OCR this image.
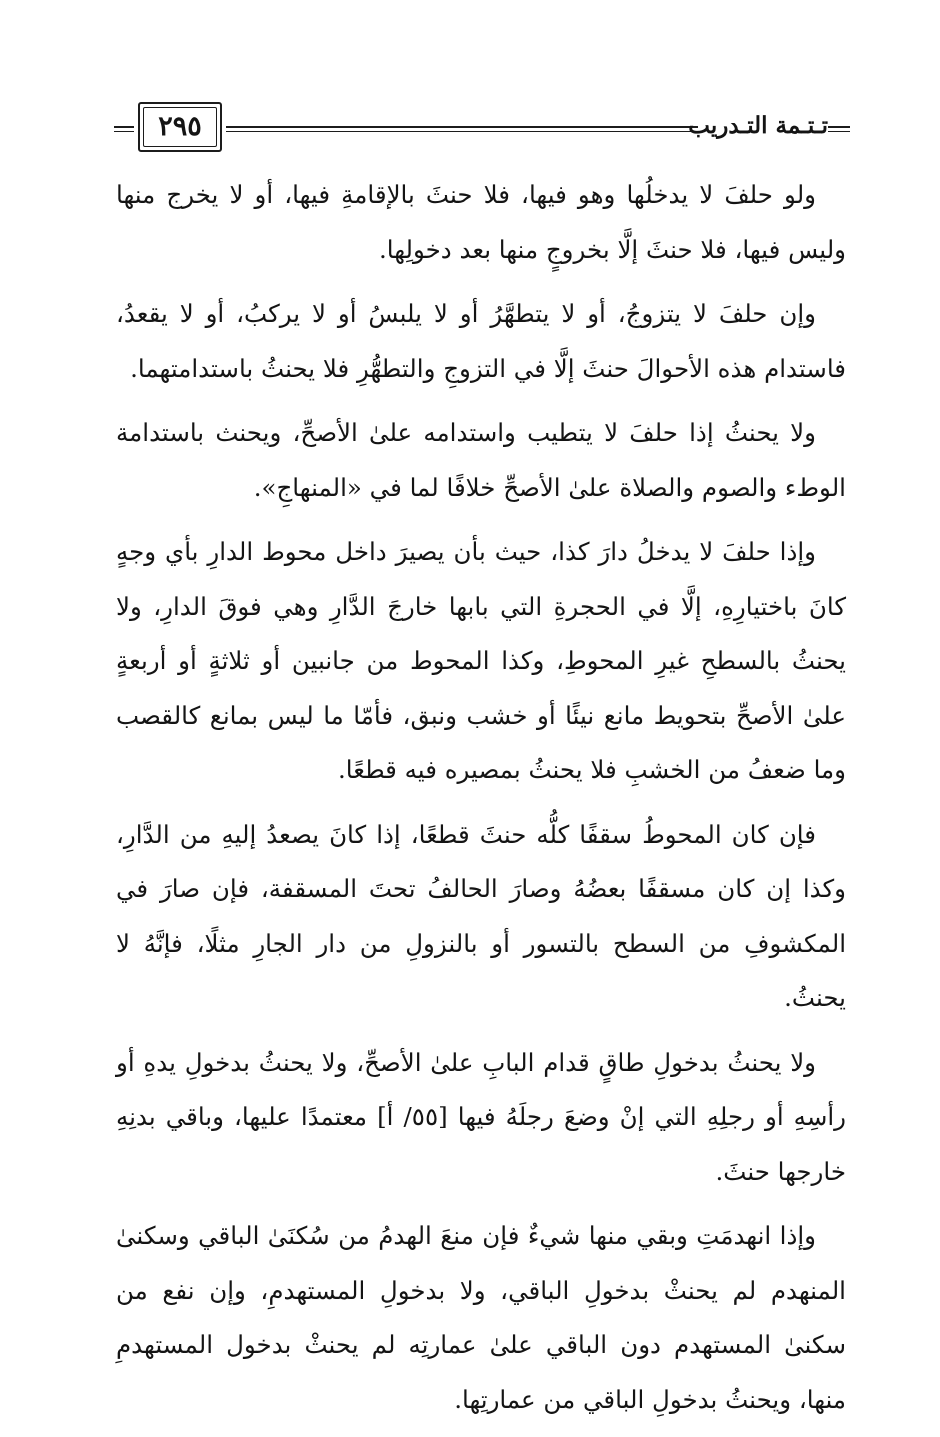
٢٩٥	تـتـمة التـدريب

ولو حلفَ لا يدخلُها وهو فيها، فلا حنثَ بالإقامةِ فيها، أو لا يخرج منها وليس فيها، فلا حنثَ إلَّا بخروجٍ منها بعد دخولِها.

وإن حلفَ لا يتزوجُ، أو لا يتطهَّرُ أو لا يلبسُ أو لا يركبُ، أو لا يقعدُ، فاستدام هذه الأحوالَ حنثَ إلَّا في التزوجِ والتطهُّرِ فلا يحنثُ باستدامتهما.

ولا يحنثُ إذا حلفَ لا يتطيب واستدامه علىٰ الأصحِّ، ويحنث باستدامة الوطء والصوم والصلاة علىٰ الأصحِّ خلافًا لما في «المنهاجِ».

وإذا حلفَ لا يدخلُ دارَ كذا، حيث بأن يصيرَ داخل محوط الدارِ بأي وجهٍ كانَ باختيارِهِ، إلَّا في الحجرةِ التي بابها خارجَ الدَّارِ وهي فوقَ الدارِ، ولا يحنثُ بالسطحِ غيرِ المحوطِ، وكذا المحوط من جانبين أو ثلاثةٍ أو أربعةٍ علىٰ الأصحِّ بتحويط مانع نيئًا أو خشب ونبق، فأمّا ما ليس بمانع كالقصب وما ضعفُ من الخشبِ فلا يحنثُ بمصيره فيه قطعًا.

فإن كان المحوطُ سقفًا كلُّه حنثَ قطعًا، إذا كانَ يصعدُ إليهِ من الدَّارِ، وكذا إن كان مسقفًا بعضُهُ وصارَ الحالفُ تحتَ المسقفة، فإن صارَ في المكشوفِ من السطح بالتسور أو بالنزولِ من دار الجارِ مثلًا، فإنَّهُ لا يحنثُ.

ولا يحنثُ بدخولِ طاقٍ قدام البابِ علىٰ الأصحِّ، ولا يحنثُ بدخولِ يدهِ أو رأسِهِ أو رجلِهِ التي إنْ وضعَ رجلَهُ فيها [٥٥/ أ] معتمدًا عليها، وباقي بدنِهِ خارجها حنثَ.

وإذا انهدمَتِ وبقي منها شيءٌ فإن منعَ الهدمُ من سُكنَىٰ الباقي وسكنىٰ المنهدم لم يحنثْ بدخولِ الباقي، ولا بدخولِ المستهدمِ، وإن نفع من سكنىٰ المستهدم دون الباقي علىٰ عمارتِه لم يحنثْ بدخول المستهدمِ منها، ويحنثُ بدخولِ الباقي من عمارتِها.
